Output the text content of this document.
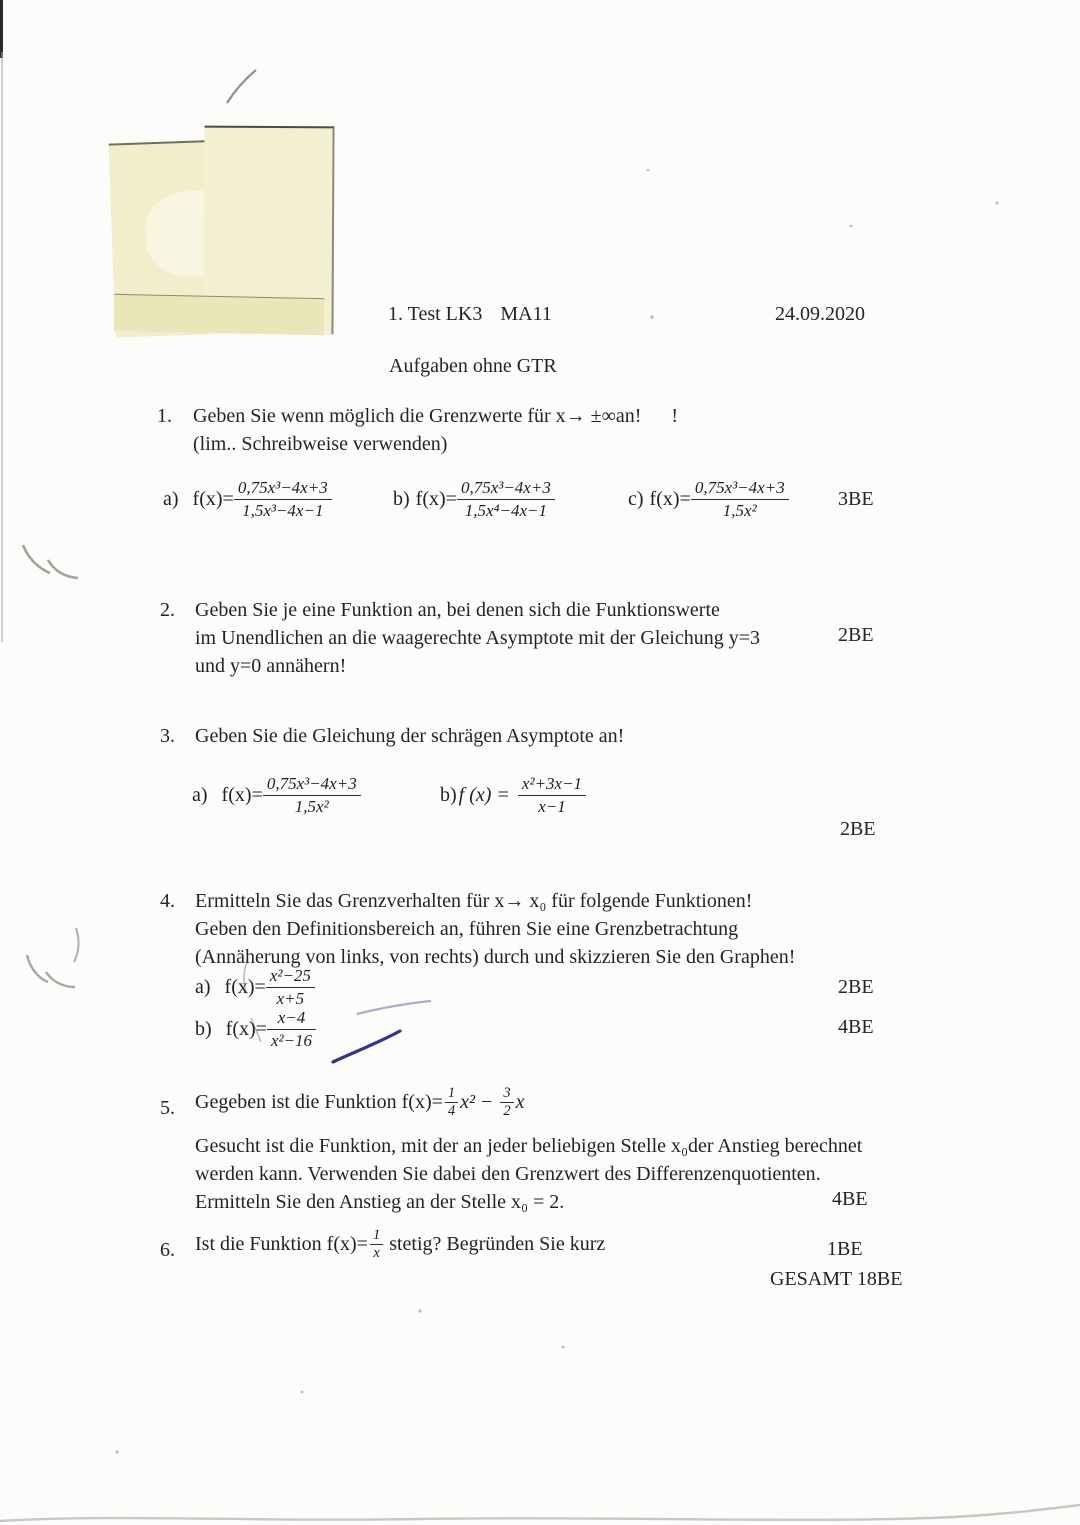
1. Test LK3 MA11	24.09.2020
Aufgaben ohne GTR
1. Geben Sie wenn möglich die Grenzwerte für x→ ±∞an! !
(lim.. Schreibweise verwenden)
a) $f(x)= \frac{\text{0,75x³−4x+3}}{\text{1,5x³−4x−1}}$	b) $f(x)= \frac{\text{0,75x³−4x+3}}{\text{1,5x⁴−4x−1}}$	c) $f(x)= \frac{\text{0,75x³−4x+3}}{\text{1,5x²}} 3BE$
2. Geben Sie je eine Funktion an, bei denen sich die Funktionswerte
im Unendlichen an die waagerechte Asymptote mit der Gleichung y=3
und y=0 annähern!
2BE
3. Geben Sie die Gleichung der schrägen Asymptote an!
a) $f(x)= \frac{\text{0,75x³−4x+3}}{\text{1,5x²}}$	b) f $(x) = \frac{\text{x²+3x−1}}{x-1}$
2BE
4. Ermitteln Sie das Grenzverhalten für x→ x₀ für folgende Funktionen!
Geben den Definitionsbereich an, führen Sie eine Grenzbetrachtung
(Annäherung von links, von rechts) durch und skizzieren Sie den Graphen!
a) $f(x)= \frac{\text{x²−25}}{x+5}$	2BE
b) $f(x)= \frac{x-4}{\text{x²−16}}$	4BE
5. Gegeben ist die Funktion $f(x)= \frac{1}{4} x^2 - \frac{3}{2}$ x
Gesucht ist die Funktion, mit der an jeder beliebigen Stelle x₀der Anstieg berechnet
werden kann. Verwenden Sie dabei den Grenzwert des Differenzenquotienten.
Ermitteln Sie den Anstieg an der Stelle x₀ = 2.	4BE
6. Ist die Funktion $f(x)= \frac{1}{x}$ stetig? Begründen Sie kurz	1BE
GESAMT 18BE
